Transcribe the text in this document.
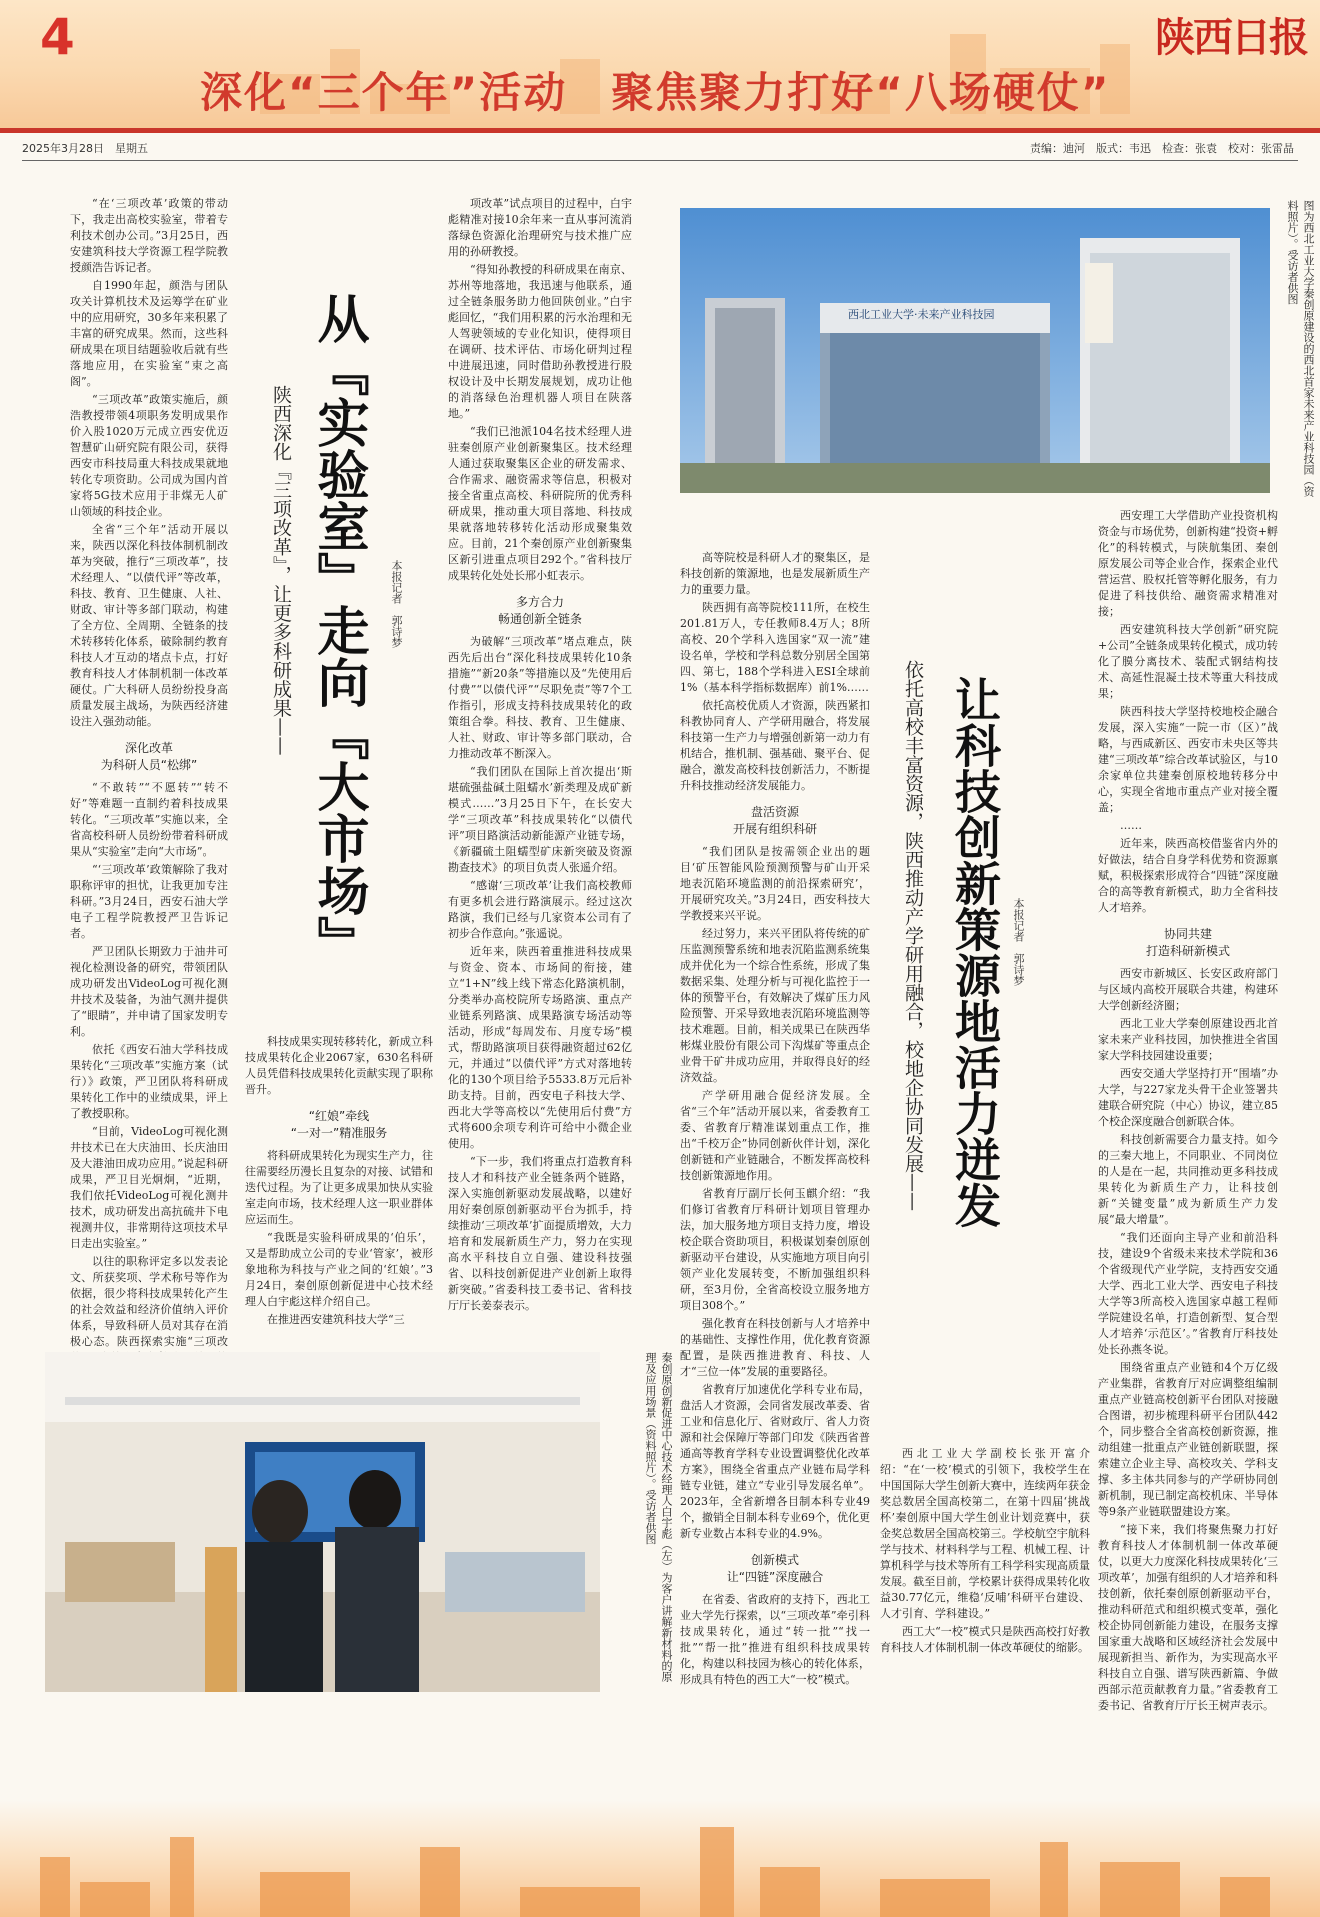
4
深化“三个年”活动 聚焦聚力打好“八场硬仗”
陕西日报
2025年3月28日　星期五	责编：迪河　版式：韦迅　检查：张袁　校对：张雷晶

“在‘三项改革’政策的带动下，我走出高校实验室，带着专利技术创办公司。”3月25日，西安建筑科技大学资源工程学院教授颜浩告诉记者。

自1990年起，颜浩与团队攻关计算机技术及运筹学在矿业中的应用研究，30多年来积累了丰富的研究成果。然而，这些科研成果在项目结题验收后就有些落地应用，在实验室“束之高阁”。

“三项改革”政策实施后，颜浩教授带领4项职务发明成果作价入股1020万元成立西安优迈智慧矿山研究院有限公司，获得西安市科技局重大科技成果就地转化专项资助。公司成为国内首家将5G技术应用于非煤无人矿山领域的科技企业。

全省“三个年”活动开展以来，陕西以深化科技体制机制改革为突破，推行“三项改革”，技术经理人、“以债代评”等改革，科技、教育、卫生健康、人社、财政、审计等多部门联动，构建了全方位、全周期、全链条的技术转移转化体系，破除制约教育科技人才互动的堵点卡点，打好教育科技人才体制机制一体改革硬仗。广大科研人员纷纷投身高质量发展主战场，为陕西经济建设注入强劲动能。

深化改革
为科研人员“松绑”

“不敢转”“不愿转”“转不好”等难题一直制约着科技成果转化。“三项改革”实施以来，全省高校科研人员纷纷带着科研成果从“实验室”走向“大市场”。

“‘三项改革’政策解除了我对职称评审的担忧，让我更加专注科研。”3月24日，西安石油大学电子工程学院教授严卫告诉记者。

严卫团队长期致力于油井可视化检测设备的研究，带领团队成功研发出VideoLog可视化测井技术及装备，为油气测井提供了“眼睛”，并申请了国家发明专利。

依托《西安石油大学科技成果转化“三项改革”实施方案（试行）》政策，严卫团队将科研成果转化工作中的业绩成果，评上了教授职称。

“目前，VideoLog可视化测井技术已在大庆油田、长庆油田及大港油田成功应用。”说起科研成果，严卫目光炯炯，“近期，我们依托VideoLog可视化测井技术，成功研发出高抗硫井下电视测井仪，非常期待这项技术早日走出实验室。”

以往的职称评定多以发表论文、所获奖项、学术称号等作为依据，很少将科技成果转化产生的社会效益和经济价值纳入评价体系，导致科研人员对其存在消极心态。陕西探索实施“三项改

从『实验室』走向『大市场』
陕西深化『三项改革』，让更多科研成果——	本报记者　郭诗梦

项改革”试点项目的过程中，白宇彪精准对接10余年来一直从事河流消落绿色资源化治理研究与技术推广应用的孙研教授。

“得知孙教授的科研成果在南京、苏州等地落地，我迅速与他联系，通过全链条服务助力他回陕创业。”白宇彪回忆，“我们用积累的污水治理和无人驾驶领域的专业化知识，使得项目在调研、技术评估、市场化研判过程中进展迅速，同时借助孙教授进行股权设计及中长期发展规划，成功让他的消落绿色治理机器人项目在陕落地。”

“我们已池派104名技术经理人进驻秦创原产业创新聚集区。技术经理人通过获取聚集区企业的研发需求、合作需求、融资需求等信息，积极对接全省重点高校、科研院所的优秀科研成果，推动重大项目落地、科技成果就落地转移转化活动形成聚集效应。目前，21个秦创原产业创新聚集区新引进重点项目292个。”省科技厅成果转化处处长邢小虹表示。

多方合力
畅通创新全链条

为破解“三项改革”堵点难点，陕西先后出台“深化科技成果转化10条措施”“新20条”等措施以及“先使用后付费”“以债代评”“尽职免责”等7个工作指引，形成支持科技成果转化的政策组合拳。科技、教育、卫生健康、人社、财政、审计等多部门联动，合力推动改革不断深入。

“我们团队在国际上首次提出‘斯堪硫强盐碱土阻蠕水’新类理及成矿新模式……”3月25日下午，在长安大学“三项改革”科技成果转化“以债代评”项目路演活动新能源产业链专场，《新疆硫土阻蠕型矿床新突破及资源勘查技术》的项目负责人张遥介绍。

“感谢‘三项改革’让我们高校教师有更多机会进行路演展示。经过这次路演，我们已经与几家资本公司有了初步合作意向。”张遥说。

近年来，陕西着重推进科技成果与资金、资本、市场间的衔接，建立“1+N”线上线下常态化路演机制，分类举办高校院所专场路演、重点产业链系列路演、成果路演专场活动等活动，形成“每周发布、月度专场”模式，帮助路演项目获得融资超过62亿元，并通过“以债代评”方式对落地转化的130个项目给予5533.8万元后补助支持。目前，西安电子科技大学、西北大学等高校以“先使用后付费”方式将600余项专利许可给中小微企业使用。

“下一步，我们将重点打造教育科技人才和科技产业全链条两个链路，深入实施创新驱动发展战略，以建好用好秦创原创新驱动平台为抓手，持续推动‘三项改革’扩面提质增效，大力培育和发展新质生产力，努力在实现高水平科技自立自强、建设科技强省、以科技创新促进产业创新上取得新突破。”省委科技工委书记、省科技厅厅长姜泰表示。

科技成果实现转移转化，新成立科技成果转化企业2067家，630名科研人员凭借科技成果转化贡献实现了职称晋升。

“红娘”牵线
“一对一”精准服务

将科研成果转化为现实生产力，往往需要经历漫长且复杂的对接、试错和迭代过程。为了让更多成果加快从实验室走向市场，技术经理人这一职业群体应运而生。

“我既是实验科研成果的‘伯乐’，又是帮助成立公司的专业‘管家’，被形象地称为科技与产业之间的‘红娘’。”3月24日，秦创原创新促进中心技术经理人白宇彪这样介绍自己。

在推进西安建筑科技大学“三

秦创原创新促进中心技术经理人白宇彪（左）为客户讲解新材料的原理及应用场景（资料照片）。受访者供图
西北工业大学·未来产业科技园	图为西北工业大学秦创原建设的西北首家未来产业科技园（资料照片）。受访者供图

高等院校是科研人才的聚集区，是科技创新的策源地，也是发展新质生产力的重要力量。

陕西拥有高等院校111所，在校生201.81万人，专任教师8.4万人；8所高校、20个学科入选国家“双一流”建设名单，学校和学科总数分别居全国第四、第七，188个学科进入ESI全球前1%（基本科学指标数据库）前1%……

依托高校优质人才资源，陕西紧扣科教协同育人、产学研用融合，将发展科技第一生产力与增强创新第一动力有机结合，推机制、强基础、聚平台、促融合，激发高校科技创新活力，不断提升科技推动经济发展能力。

盘活资源
开展有组织科研

“我们团队是按需领企业出的题目‘矿压智能风险预测预警与矿山开采地表沉陷环境监测的前沿探索研究’，开展研究攻关。”3月24日，西安科技大学教授来兴平说。

经过努力，来兴平团队将传统的矿压监测预警系统和地表沉陷监测系统集成并优化为一个综合性系统，形成了集数据采集、处理分析与可视化监控于一体的预警平台，有效解决了煤矿压力风险预警、开采导致地表沉陷环境监测等技术难题。目前，相关成果已在陕西华彬煤业股份有限公司下沟煤矿等重点企业骨干矿井成功应用，并取得良好的经济效益。

产学研用融合促经济发展。全省“三个年”活动开展以来，省委教育工委、省教育厅精准谋划重点工作，推出“千校万企”协同创新伙伴计划，深化创新链和产业链融合，不断发挥高校科技创新策源地作用。

省教育厅副厅长何玉麒介绍：“我们修订省教育厅科研计划项目管理办法，加大服务地方项目支持力度，增设校企联合资助项目，积极谋划秦创原创新驱动平台建设，从实施地方项目向引领产业化发展转变，不断加强组织科研，至3月份，全省高校设立服务地方项目308个。”

强化教育在科技创新与人才培养中的基础性、支撑性作用，优化教育资源配置，是陕西推进教育、科技、人才“三位一体”发展的重要路径。

省教育厅加速优化学科专业布局，盘活人才资源，会同省发展改革委、省工业和信息化厅、省财政厅、省人力资源和社会保障厅等部门印发《陕西省普通高等教育学科专业设置调整优化改革方案》，围绕全省重点产业链布局学科链专业链，建立“专业引导发展名单”。2023年，全省新增各目制本科专业49个，撤销全目制本科专业69个，优化更新专业数占本科专业的4.9%。

创新模式
让“四链”深度融合

在省委、省政府的支持下，西北工业大学先行探索，以“三项改革”牵引科技成果转化，通过“转一批”“找一批”“帮一批”推进有组织科技成果转化，构建以科技园为核心的转化体系，形成具有特色的西工大“一校”模式。

让科技创新策源地活力迸发
依托高校丰富资源，陕西推动产学研用融合，校地企协同发展——	本报记者　郭诗梦

西北工业大学副校长张开富介绍：“在‘一校’模式的引领下，我校学生在中国国际大学生创新大赛中，连续两年获金奖总数居全国高校第二，在第十四届‘挑战杯’秦创原中国大学生创业计划竞赛中，获金奖总数居全国高校第三。学校航空宇航科学与技术、材料科学与工程、机械工程、计算机科学与技术等所有工科学科实现高质量发展。截至目前，学校累计获得成果转化收益30.77亿元，维稳‘反哺’科研平台建设、人才引育、学科建设。”

西工大“一校”模式只是陕西高校打好教育科技人才体制机制一体改革硬仗的缩影。

西安理工大学借助产业投资机构资金与市场优势，创新构建“投资+孵化”的科转模式，与陕航集团、秦创原发展公司等企业合作，探索企业代营运营、股权托管等孵化服务，有力促进了科技供给、融资需求精准对接；

西安建筑科技大学创新“研究院+公司”全链条成果转化模式，成功转化了膜分离技术、装配式钢结构技术、高延性混凝土技术等重大科技成果；

陕西科技大学坚持校地校企融合发展，深入实施“一院一市（区）”战略，与西咸新区、西安市未央区等共建“三项改革”综合改革试验区，与10余家单位共建秦创原校地转移分中心，实现全省地市重点产业对接全覆盖；

……

近年来，陕西高校借鉴省内外的好做法，结合自身学科优势和资源禀赋，积极探索形成符合“四链”深度融合的高等教育新模式，助力全省科技人才培养。

协同共建
打造科研新模式

西安市新城区、长安区政府部门与区域内高校开展联合共建，构建环大学创新经济圈；

西北工业大学秦创原建设西北首家未来产业科技园，加快推进全省国家大学科技园建设重要；

西安交通大学坚持打开“围墙”办大学，与227家龙头骨干企业签署共建联合研究院（中心）协议，建立85个校企深度融合创新联合体。

科技创新需要合力量支持。如今的三秦大地上，不同职业、不同岗位的人是在一起，共同推动更多科技成果转化为新质生产力，让科技创新“关键变量”成为新质生产力发展“最大增量”。

“我们还面向主导产业和前沿科技，建设9个省级未来技术学院和36个省级现代产业学院，支持西安交通大学、西北工业大学、西安电子科技大学等3所高校入选国家卓越工程师学院建设名单，打造创新型、复合型人才培养‘示范区’。”省教育厅科技处处长孙燕冬说。

围绕省重点产业链和4个万亿级产业集群，省教育厅对应调整组编制重点产业链高校创新平台团队对接融合图谱，初步梳理科研平台团队442个，同步整合全省高校创新资源，推动组建一批重点产业链创新联盟，探索建立企业主导、高校攻关、学科支撑、多主体共同参与的产学研协同创新机制，现已制定高校机床、半导体等9条产业链联盟建设方案。

“接下来，我们将聚焦聚力打好教育科技人才体制机制一体改革硬仗，以更大力度深化科技成果转化‘三项改革’，加强有组织的人才培养和科技创新，依托秦创原创新驱动平台，推动科研范式和组织模式变革，强化校企协同创新能力建设，在服务支撑国家重大战略和区域经济社会发展中展现新担当、新作为，为实现高水平科技自立自强、谱写陕西新篇、争做西部示范贡献教育力量。”省委教育工委书记、省教育厅厅长王树声表示。
